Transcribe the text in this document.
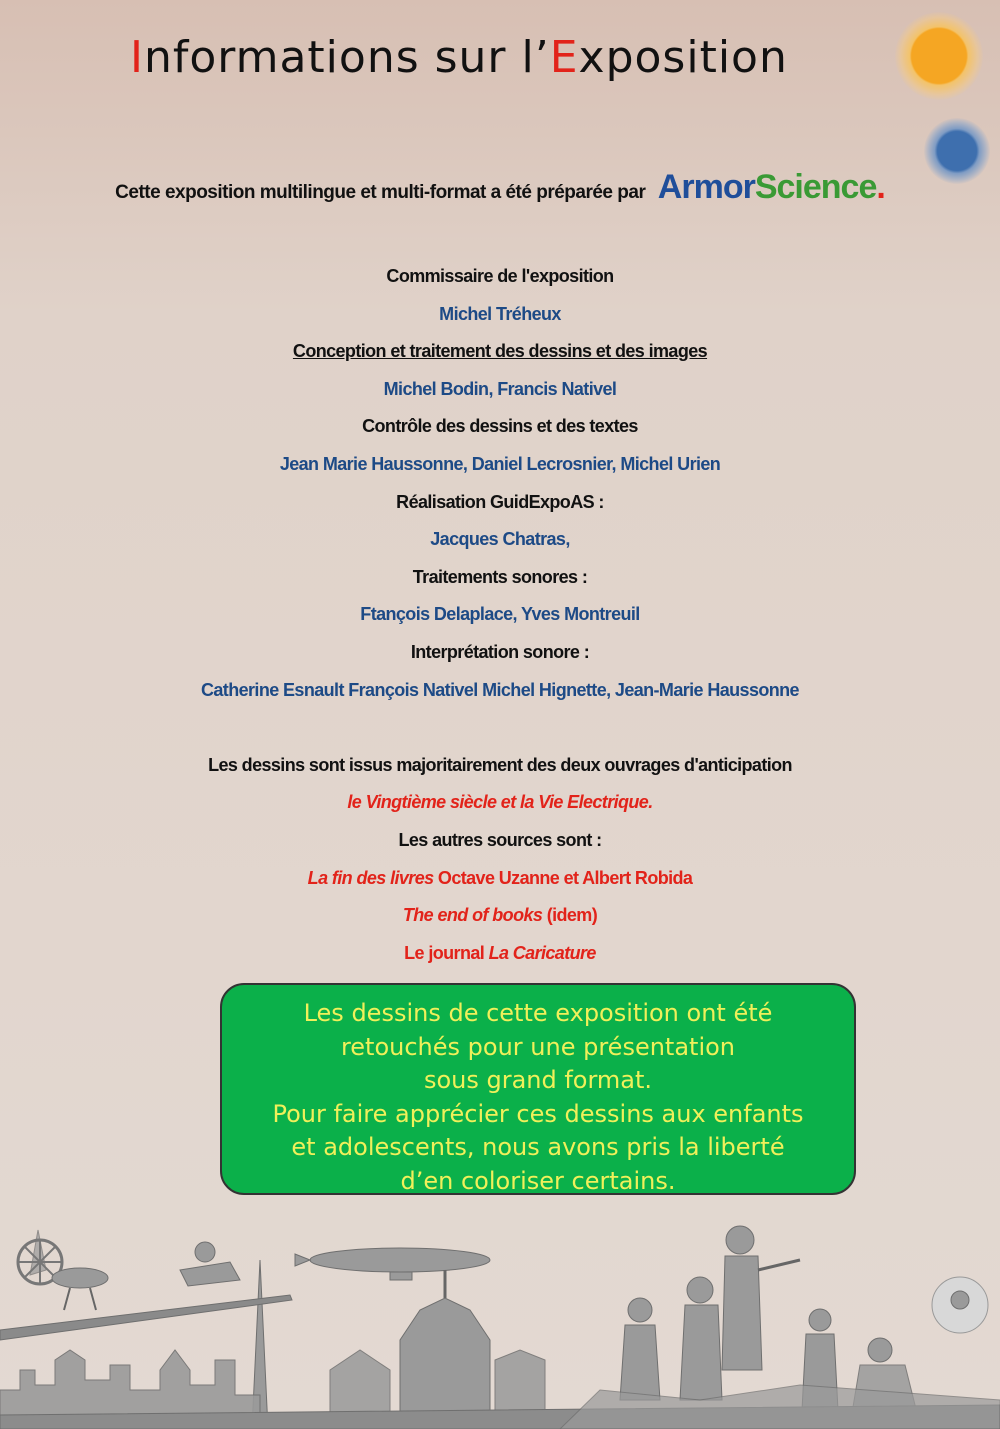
Informations sur l’Exposition
Cette exposition multilingue et multi-format a été préparée par ArmorScience.
Commissaire de l'exposition
Michel Tréheux
Conception et traitement des dessins et des images
Michel Bodin, Francis Nativel
Contrôle des dessins et des textes
Jean Marie Haussonne, Daniel Lecrosnier, Michel Urien
Réalisation GuidExpoAS :
Jacques Chatras,
Traitements sonores :
Ftançois Delaplace, Yves Montreuil
Interprétation sonore :
Catherine Esnault François Nativel Michel Hignette, Jean-Marie Haussonne
Les dessins sont issus majoritairement des deux ouvrages d'anticipation
le Vingtième siècle et la Vie Electrique.
Les autres sources sont :
La fin des livres Octave Uzanne et Albert Robida
The end of books (idem)
Le journal La Caricature
Les dessins de cette exposition ont été
retouchés pour une présentation
sous grand format.
Pour faire apprécier ces dessins aux enfants
et adolescents, nous avons pris la liberté
d’en coloriser certains.
